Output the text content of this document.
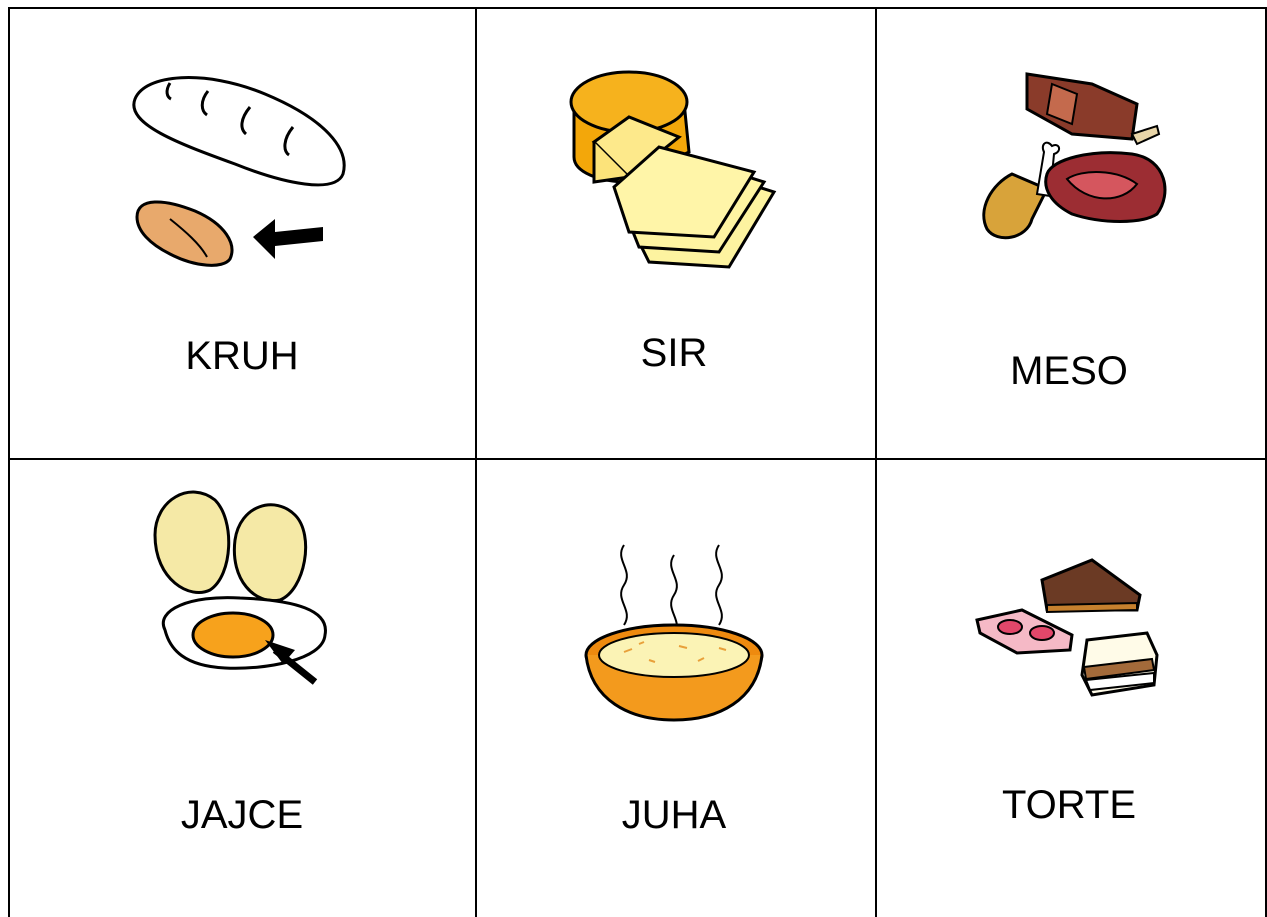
KRUH	SIR	MESO
JAJCE	JUHA	TORTE
